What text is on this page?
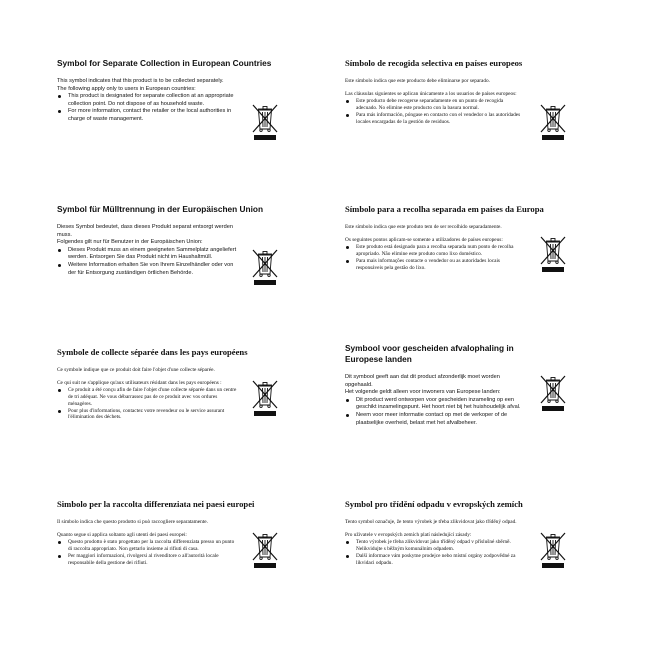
Symbol for Separate Collection in European Countries

This symbol indicates that this product is to be collected separately.

The following apply only to users in European countries:

This product is designated for separate collection at an appropriate collection point. Do not dispose of as household waste.
For more information, contact the retailer or the local authorities in charge of waste management.
Símbolo de recogida selectiva en países europeos

Este símbolo indica que este producto debe eliminarse por separado.

Las cláusulas siguientes se aplican únicamente a los usuarios de países europeos:

Este producto debe recogerse separadamente en un punto de recogida adecuado. No elimine este producto con la basura normal.
Para más información, póngase en contacto con el vendedor o las autoridades locales encargadas de la gestión de residuos.
Symbol für Mülltrennung in der Europäischen Union

Dieses Symbol bedeutet, dass dieses Produkt separat entsorgt werden muss.

Folgendes gilt nur für Benutzer in der Europäischen Union:

Dieses Produkt muss an einem geeigneten Sammelplatz angeliefert werden. Entsorgen Sie das Produkt nicht im Haushaltmüll.
Weitere Information erhalten Sie von Ihrem Einzelhändler oder von der für Entsorgung zuständigen örtlichen Behörde.
Símbolo para a recolha separada em países da Europa

Este símbolo indica que este produto tem de ser recolhido separadamente.

Os seguintes pontos aplicam-se somente a utilizadores de países europeus:

Este produto está designado para a recolha separada num ponto de recolha apropriado. Não elimine este produto como lixo doméstico.
Para mais informações contacte o vendedor ou as autoridades locais responsáveis pela gestão do lixo.
Symbole de collecte séparée dans les pays européens

Ce symbole indique que ce produit doit faire l'objet d'une collecte séparée.

Ce qui suit ne s'applique qu'aux utilisateurs résidant dans les pays européens :

Ce produit a été conçu afin de faire l'objet d'une collecte séparée dans un centre de tri adéquat. Ne vous débarrassez pas de ce produit avec vos ordures ménagères.
Pour plus d'informations, contactez votre revendeur ou le service assurant l'élimination des déchets.
Symbool voor gescheiden afvalophaling in Europese landen

Dit symbool geeft aan dat dit product afzonderlijk moet worden opgehaald.

Het volgende geldt alleen voor inwoners van Europese landen:

Dit product werd ontworpen voor gescheiden inzameling op een geschikt inzamelingspunt. Het hoort niet bij het huishoudelijk afval.
Neem voor meer informatie contact op met de verkoper of de plaatselijke overheid, belast met het afvalbeheer.
Simbolo per la raccolta differenziata nei paesi europei

Il simbolo indica che questo prodotto si può raccogliere separatamente.

Quanto segue si applica soltanto agli utenti dei paesi europei:

Questo prodotto è stato progettato per la raccolta differenziata presso un punto di raccolta appropriato. Non gettarlo insieme ai rifiuti di casa.
Per maggiori informazioni, rivolgersi al rivenditore o all'autorità locale responsabile della gestione dei rifiuti.
Symbol pro třídění odpadu v evropských zemích

Tento symbol označuje, že tento výrobek je třeba zlikvidovat jako tříděný odpad.

Pro uživatele v evropských zemích platí následující zásady:

Tento výrobek je třeba zlikvidovat jako tříděný odpad v příslušné sběrně. Nelikvidujte s běžným komunálním odpadem.
Další informace vám poskytne prodejce nebo místní orgány zodpovědné za likvidaci odpadu.
